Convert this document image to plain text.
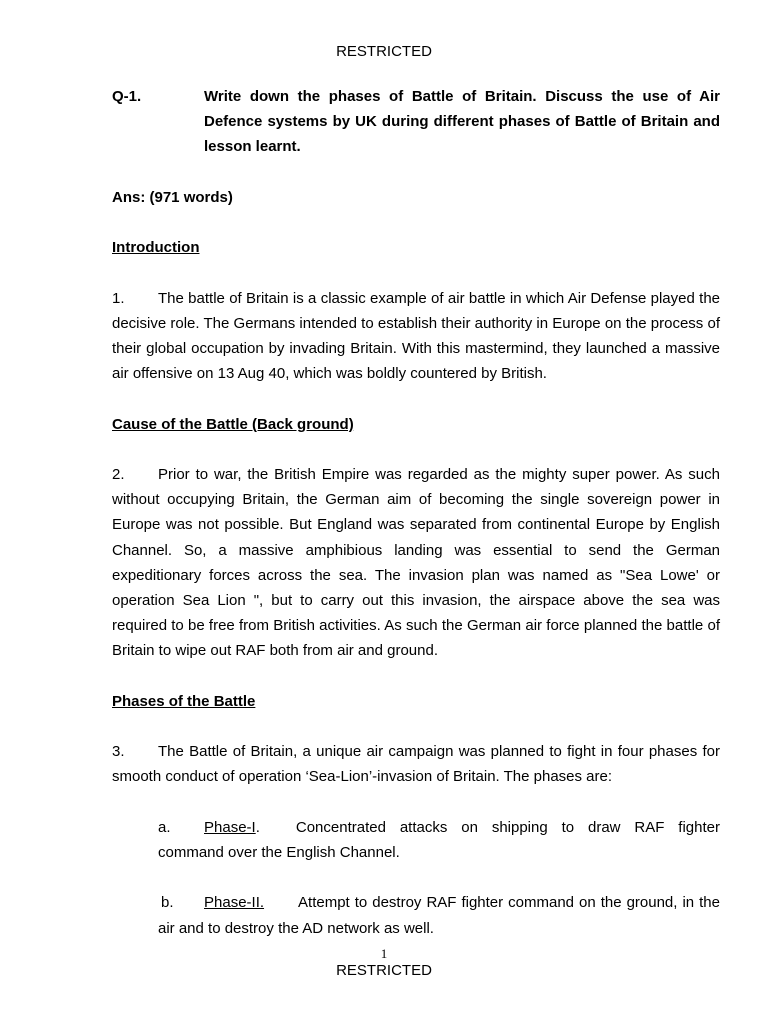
RESTRICTED
Q-1.	Write down the phases of Battle of Britain. Discuss the use of Air Defence systems by UK during different phases of Battle of Britain and lesson learnt.
Ans: (971 words)
Introduction

1. The battle of Britain is a classic example of air battle in which Air Defense played the decisive role. The Germans intended to establish their authority in Europe on the process of their global occupation by invading Britain. With this mastermind, they launched a massive air offensive on 13 Aug 40, which was boldly countered by British.

Cause of the Battle (Back ground)

2. Prior to war, the British Empire was regarded as the mighty super power. As such without occupying Britain, the German aim of becoming the single sovereign power in Europe was not possible. But England was separated from continental Europe by English Channel. So, a massive amphibious landing was essential to send the German expeditionary forces across the sea. The invasion plan was named as "Sea Lowe' or operation Sea Lion ", but to carry out this invasion, the airspace above the sea was required to be free from British activities. As such the German air force planned the battle of Britain to wipe out RAF both from air and ground.

Phases of the Battle

3. The Battle of Britain, a unique air campaign was planned to fight in four phases for smooth conduct of operation ‘Sea-Lion’-invasion of Britain. The phases are:

a. Phase-I. Concentrated attacks on shipping to draw RAF fighter command over the English Channel.
b. Phase-II. Attempt to destroy RAF fighter command on the ground, in the air and to destroy the AD network as well.
1
RESTRICTED
